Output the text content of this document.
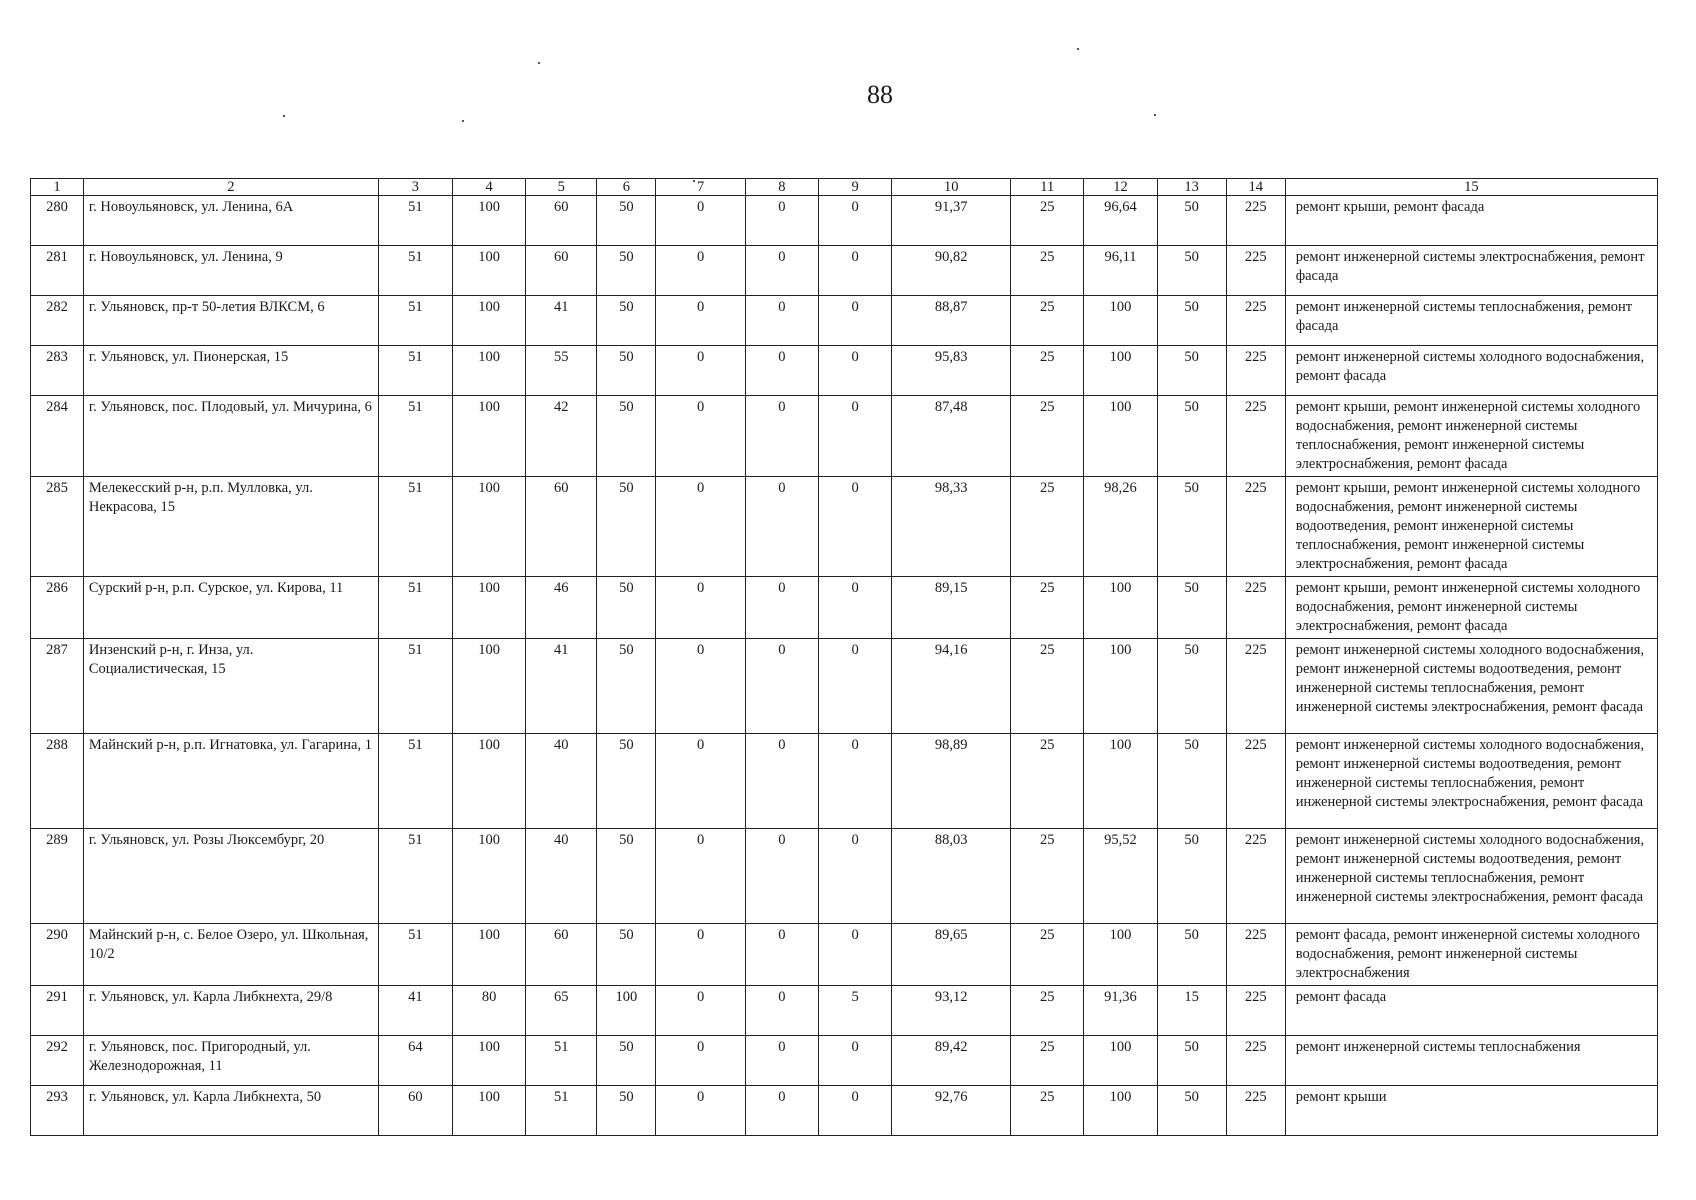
88
1	2	3	4	5	6	7	8	9	10	11	12	13	14	15
280	г. Новоульяновск, ул. Ленина, 6А	51	100	60	50	0	0	0	91,37	25	96,64	50	225	ремонт крыши, ремонт фасада
281	г. Новоульяновск, ул. Ленина, 9	51	100	60	50	0	0	0	90,82	25	96,11	50	225	ремонт инженерной системы электроснабжения, ремонт фасада
282	г. Ульяновск, пр-т 50-летия ВЛКСМ, 6	51	100	41	50	0	0	0	88,87	25	100	50	225	ремонт инженерной системы теплоснабжения, ремонт фасада
283	г. Ульяновск, ул. Пионерская, 15	51	100	55	50	0	0	0	95,83	25	100	50	225	ремонт инженерной системы холодного водоснабжения, ремонт фасада
284	г. Ульяновск, пос. Плодовый, ул. Мичурина, 6	51	100	42	50	0	0	0	87,48	25	100	50	225	ремонт крыши, ремонт инженерной системы холодного водоснабжения, ремонт инженерной системы теплоснабжения, ремонт инженерной системы электроснабжения, ремонт фасада
285	Мелекесский р-н, р.п. Мулловка, ул. Некрасова, 15	51	100	60	50	0	0	0	98,33	25	98,26	50	225	ремонт крыши, ремонт инженерной системы холодного водоснабжения, ремонт инженерной системы водоотведения, ремонт инженерной системы теплоснабжения, ремонт инженерной системы электроснабжения, ремонт фасада
286	Сурский р-н, р.п. Сурское, ул. Кирова, 11	51	100	46	50	0	0	0	89,15	25	100	50	225	ремонт крыши, ремонт инженерной системы холодного водоснабжения, ремонт инженерной системы электроснабжения, ремонт фасада
287	Инзенский р-н, г. Инза, ул. Социалистическая, 15	51	100	41	50	0	0	0	94,16	25	100	50	225	ремонт инженерной системы холодного водоснабжения, ремонт инженерной системы водоотведения, ремонт инженерной системы теплоснабжения, ремонт инженерной системы электроснабжения, ремонт фасада
288	Майнский р-н, р.п. Игнатовка, ул. Гагарина, 1	51	100	40	50	0	0	0	98,89	25	100	50	225	ремонт инженерной системы холодного водоснабжения, ремонт инженерной системы водоотведения, ремонт инженерной системы теплоснабжения, ремонт инженерной системы электроснабжения, ремонт фасада
289	г. Ульяновск, ул. Розы Люксембург, 20	51	100	40	50	0	0	0	88,03	25	95,52	50	225	ремонт инженерной системы холодного водоснабжения, ремонт инженерной системы водоотведения, ремонт инженерной системы теплоснабжения, ремонт инженерной системы электроснабжения, ремонт фасада
290	Майнский р-н, с. Белое Озеро, ул. Школьная, 10/2	51	100	60	50	0	0	0	89,65	25	100	50	225	ремонт фасада, ремонт инженерной системы холодного водоснабжения, ремонт инженерной системы электроснабжения
291	г. Ульяновск, ул. Карла Либкнехта, 29/8	41	80	65	100	0	0	5	93,12	25	91,36	15	225	ремонт фасада
292	г. Ульяновск, пос. Пригородный, ул. Железнодорожная, 11	64	100	51	50	0	0	0	89,42	25	100	50	225	ремонт инженерной системы теплоснабжения
293	г. Ульяновск, ул. Карла Либкнехта, 50	60	100	51	50	0	0	0	92,76	25	100	50	225	ремонт крыши
